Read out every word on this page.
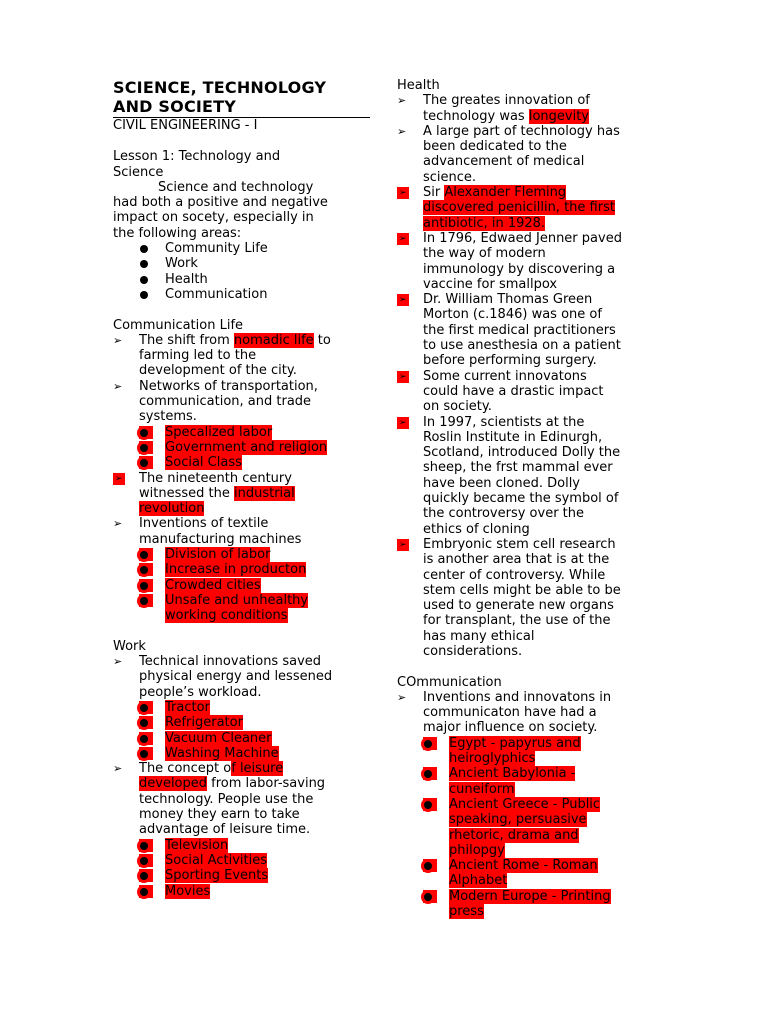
SCIENCE, TECHNOLOGY
AND SOCIETY
CIVIL ENGINEERING - I
Lesson 1: Technology and
Science
Science and technology
had both a positive and negative
impact on socety, especially in
the following areas:
Community Life
Work
Health
Communication
Communication Life
➢	The shift from nomadic life to
farming led to the
development of the city.
➢	Networks of transportation,
communication, and trade
systems.
Specalized labor
Government and religion
Social Class
➢
The nineteenth century
witnessed the industrial
revolution
➢	Inventions of textile
manufacturing machines
Division of labor
Increase in producton
Crowded cities
Unsafe and unhealthy
working conditions
Work
➢	Technical innovations saved
physical energy and lessened
people’s workload.
Tractor
Refrigerator
Vacuum Cleaner
Washing Machine
➢	The concept of leisure
developed from labor-saving
technology. People use the
money they earn to take
advantage of leisure time.
Television
Social Activities
Sporting Events
Movies
Health
➢	The greates innovation of
technology was longevity
➢	A large part of technology has
been dedicated to the
advancement of medical
science.
➢
Sir Alexander Fleming
discovered penicillin, the first
antibiotic, in 1928.
➢
In 1796, Edwaed Jenner paved
the way of modern
immunology by discovering a
vaccine for smallpox
➢
Dr. William Thomas Green
Morton (c.1846) was one of
the first medical practitioners
to use anesthesia on a patient
before performing surgery.
➢
Some current innovatons
could have a drastic impact
on society.
➢
In 1997, scientists at the
Roslin Institute in Edinurgh,
Scotland, introduced Dolly the
sheep, the frst mammal ever
have been cloned. Dolly
quickly became the symbol of
the controversy over the
ethics of cloning
➢
Embryonic stem cell research
is another area that is at the
center of controversy. While
stem cells might be able to be
used to generate new organs
for transplant, the use of the
has many ethical
considerations.
COmmunication
➢	Inventions and innovatons in
communicaton have had a
major influence on society.
Egypt - papyrus and
heiroglyphics
Ancient Babylonia -
cuneiform
Ancient Greece - Public
speaking, persuasive
rhetoric, drama and
philopgy
Ancient Rome - Roman
Alphabet
Modern Europe - Printing
press
